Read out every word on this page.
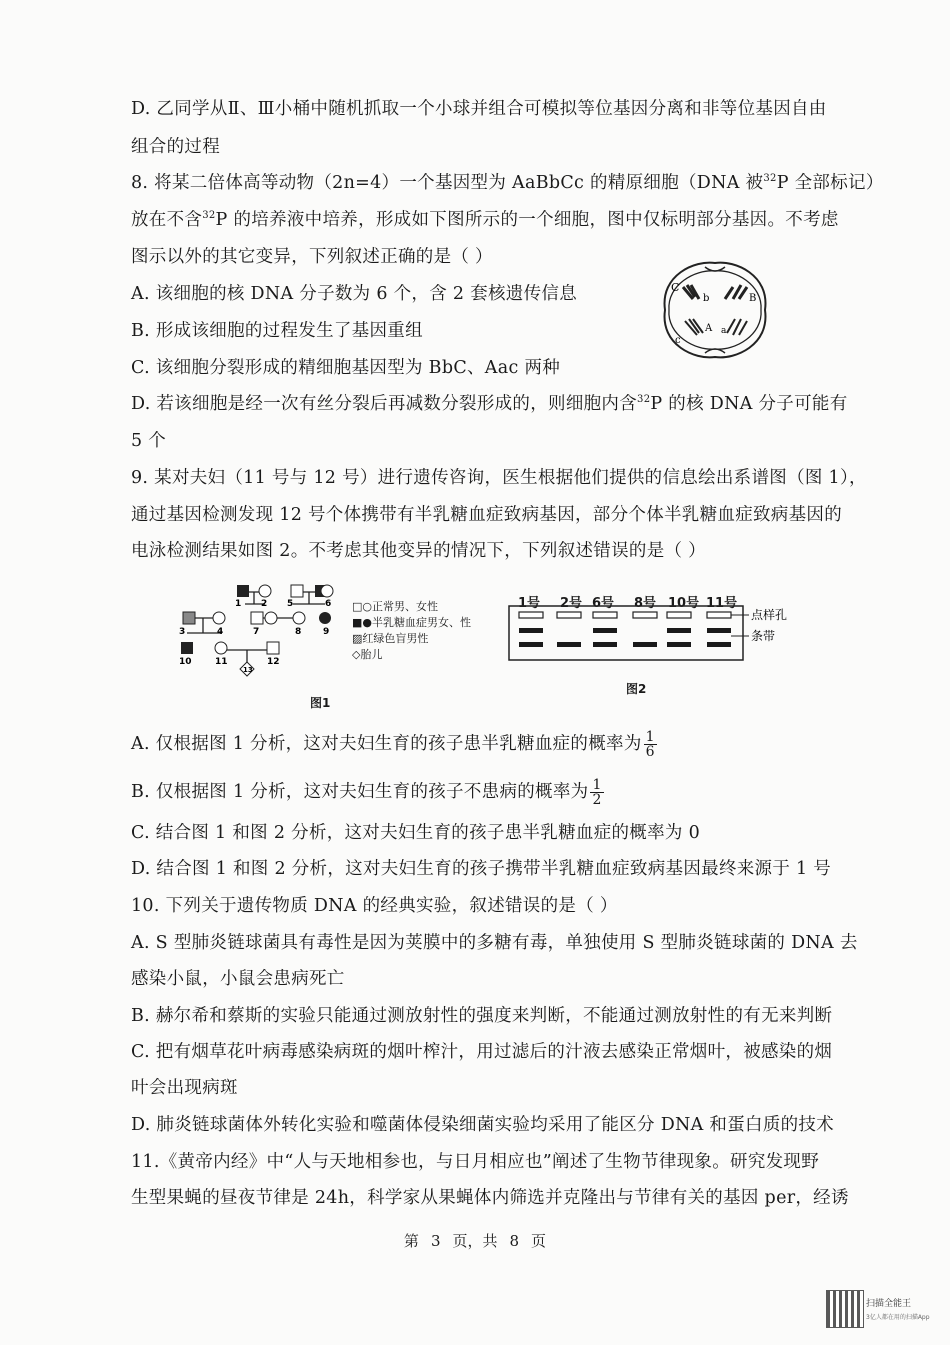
D. 乙同学从Ⅱ、Ⅲ小桶中随机抓取一个小球并组合可模拟等位基因分离和非等位基因自由
组合的过程
8. 将某二倍体高等动物（2n=4）一个基因型为 AaBbCc 的精原细胞（DNA 被$^{32}$P 全部标记）
放在不含$^{32}$P 的培养液中培养，形成如下图所示的一个细胞，图中仅标明部分基因。不考虑
图示以外的其它变异，下列叙述正确的是（ ）
A. 该细胞的核 DNA 分子数为 6 个，含 2 套核遗传信息
B. 形成该细胞的过程发生了基因重组
C. 该细胞分裂形成的精细胞基因型为 BbC、Aac 两种
D. 若该细胞是经一次有丝分裂后再减数分裂形成的，则细胞内含$^{32}$P 的核 DNA 分子可能有
5 个
C
b	B
A a
c
9. 某对夫妇（11 号与 12 号）进行遗传咨询，医生根据他们提供的信息绘出系谱图（图 1），
通过基因检测发现 12 号个体携带有半乳糖血症致病基因，部分个体半乳糖血症致病基因的
电泳检测结果如图 2。不考虑其他变异的情况下，下列叙述错误的是（ ）
1 2
3	4
5	6
7	8 9
10	11	12
13
□○正常男、女性
■●半乳糖血症男女、性
▨红绿色盲男性
◇胎儿
图1
1号 2号 6号 8号 10号 11号
点样孔
条带
图2
A. 仅根据图 1 分析，这对夫妇生育的孩子患半乳糖血症的概率为 $\frac{1}{6}$
B. 仅根据图 1 分析，这对夫妇生育的孩子不患病的概率为 $\frac{1}{2}$
C. 结合图 1 和图 2 分析，这对夫妇生育的孩子患半乳糖血症的概率为 0
D. 结合图 1 和图 2 分析，这对夫妇生育的孩子携带半乳糖血症致病基因最终来源于 1 号
10. 下列关于遗传物质 DNA 的经典实验，叙述错误的是（ ）
A. S 型肺炎链球菌具有毒性是因为荚膜中的多糖有毒，单独使用 S 型肺炎链球菌的 DNA 去
感染小鼠，小鼠会患病死亡
B. 赫尔希和蔡斯的实验只能通过测放射性的强度来判断，不能通过测放射性的有无来判断
C. 把有烟草花叶病毒感染病斑的烟叶榨汁，用过滤后的汁液去感染正常烟叶，被感染的烟
叶会出现病斑
D. 肺炎链球菌体外转化实验和噬菌体侵染细菌实验均采用了能区分 DNA 和蛋白质的技术
11.《黄帝内经》中“人与天地相参也，与日月相应也”阐述了生物节律现象。研究发现野
生型果蝇的昼夜节律是 24h，科学家从果蝇体内筛选并克隆出与节律有关的基因 per，经诱
第 3 页，共 8 页
扫描全能王
3亿人都在用的扫描App
